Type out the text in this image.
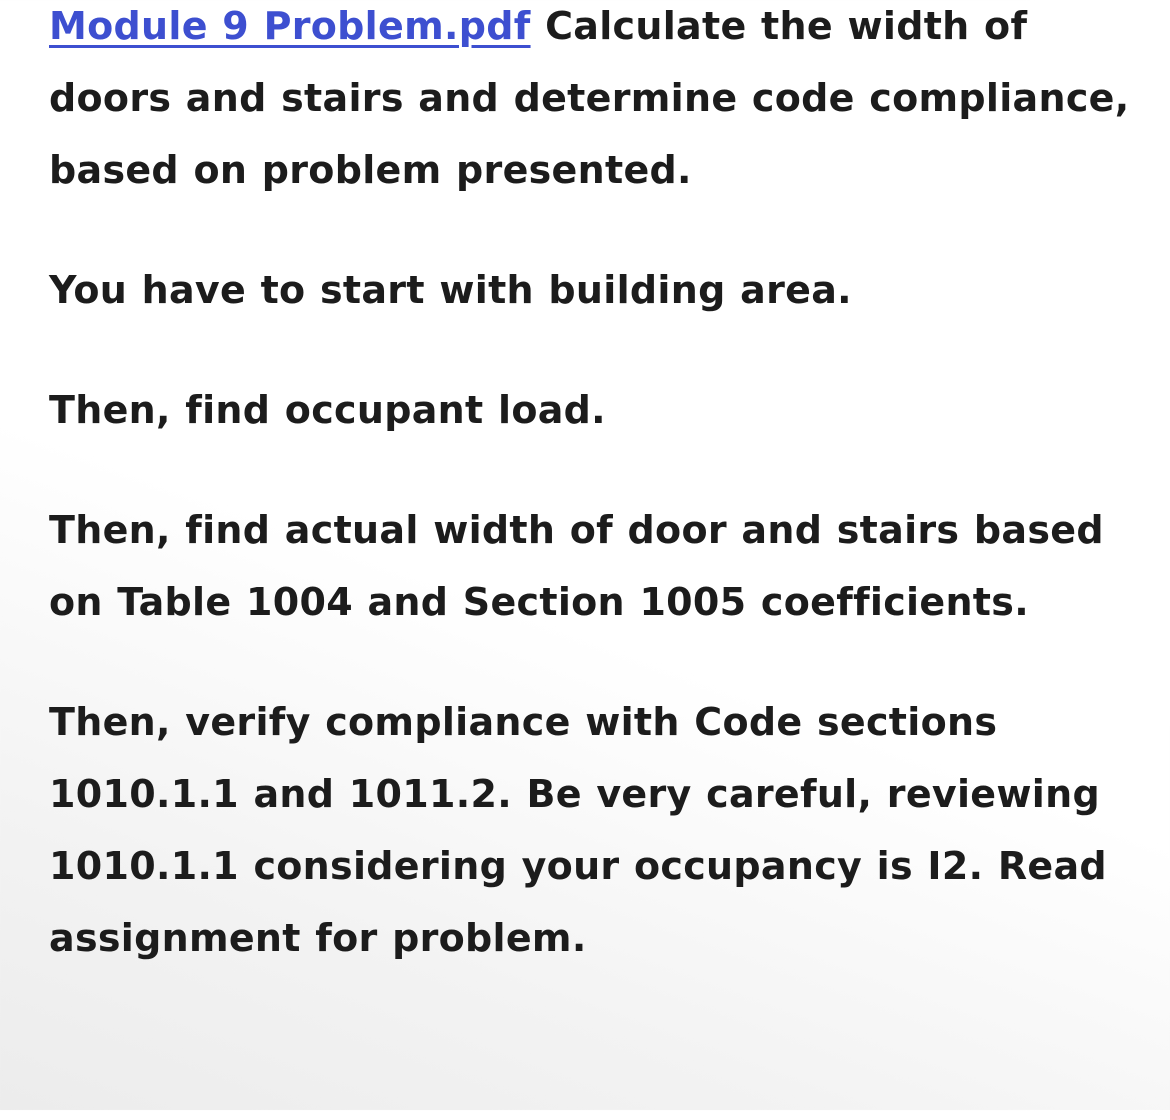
Module 9 Problem.pdf Calculate the width of doors and stairs and determine code compliance, based on problem presented.

You have to start with building area.

Then, find occupant load.

Then, find actual width of door and stairs based on Table 1004 and Section 1005 coefficients.

Then, verify compliance with Code sections 1010.1.1 and 1011.2. Be very careful, reviewing 1010.1.1 considering your occupancy is I2. Read assignment for problem.
